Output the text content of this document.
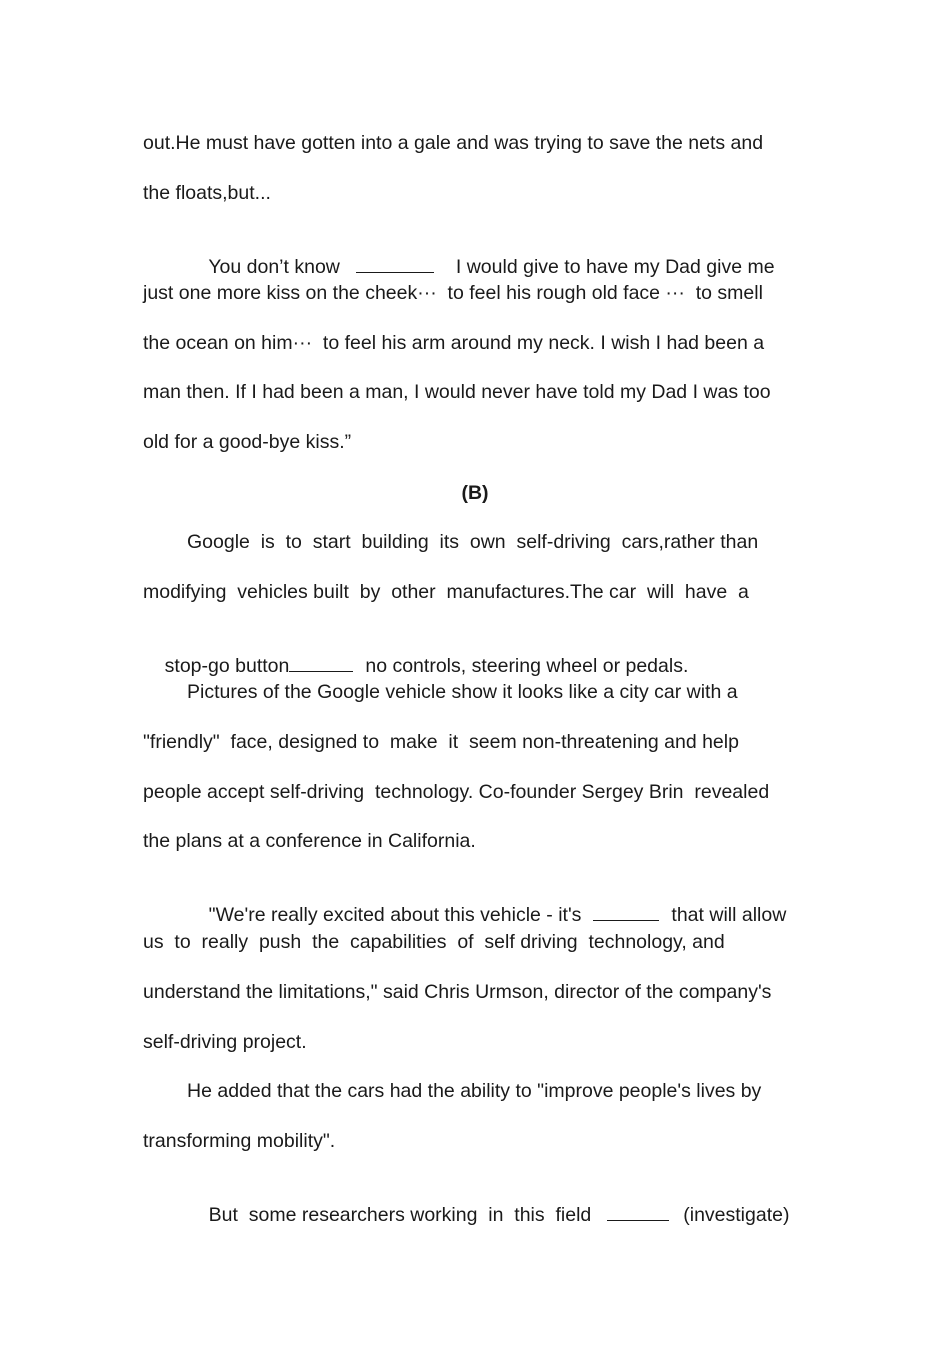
out.He must have gotten into a gale and was trying to save the nets and
the floats,but...

You don’t know	I would give to have my Dad give me

just one more kiss on the cheek···  to feel his rough old face ···  to smell
the ocean on him···  to feel his arm around my neck. I wish I had been a
man then. If I had been a man, I would never have told my Dad I was too
old for a good-bye kiss.”
(B)
Google  is  to  start  building  its  own  self-driving  cars,rather than
modifying  vehicles built  by  other  manufactures.The car  will  have  a

stop-go button	no controls, steering wheel or pedals.

Pictures of the Google vehicle show it looks like a city car with a
"friendly"  face, designed to  make  it  seem non-threatening and help
people accept self-driving  technology. Co-founder Sergey Brin  revealed
the plans at a conference in California.

"We're really excited about this vehicle - it's	that will allow

us  to  really  push  the  capabilities  of  self driving  technology, and
understand the limitations," said Chris Urmson, director of the company's
self-driving project.
He added that the cars had the ability to "improve people's lives by
transforming mobility".

But  some researchers working  in  this  field	(investigate)
